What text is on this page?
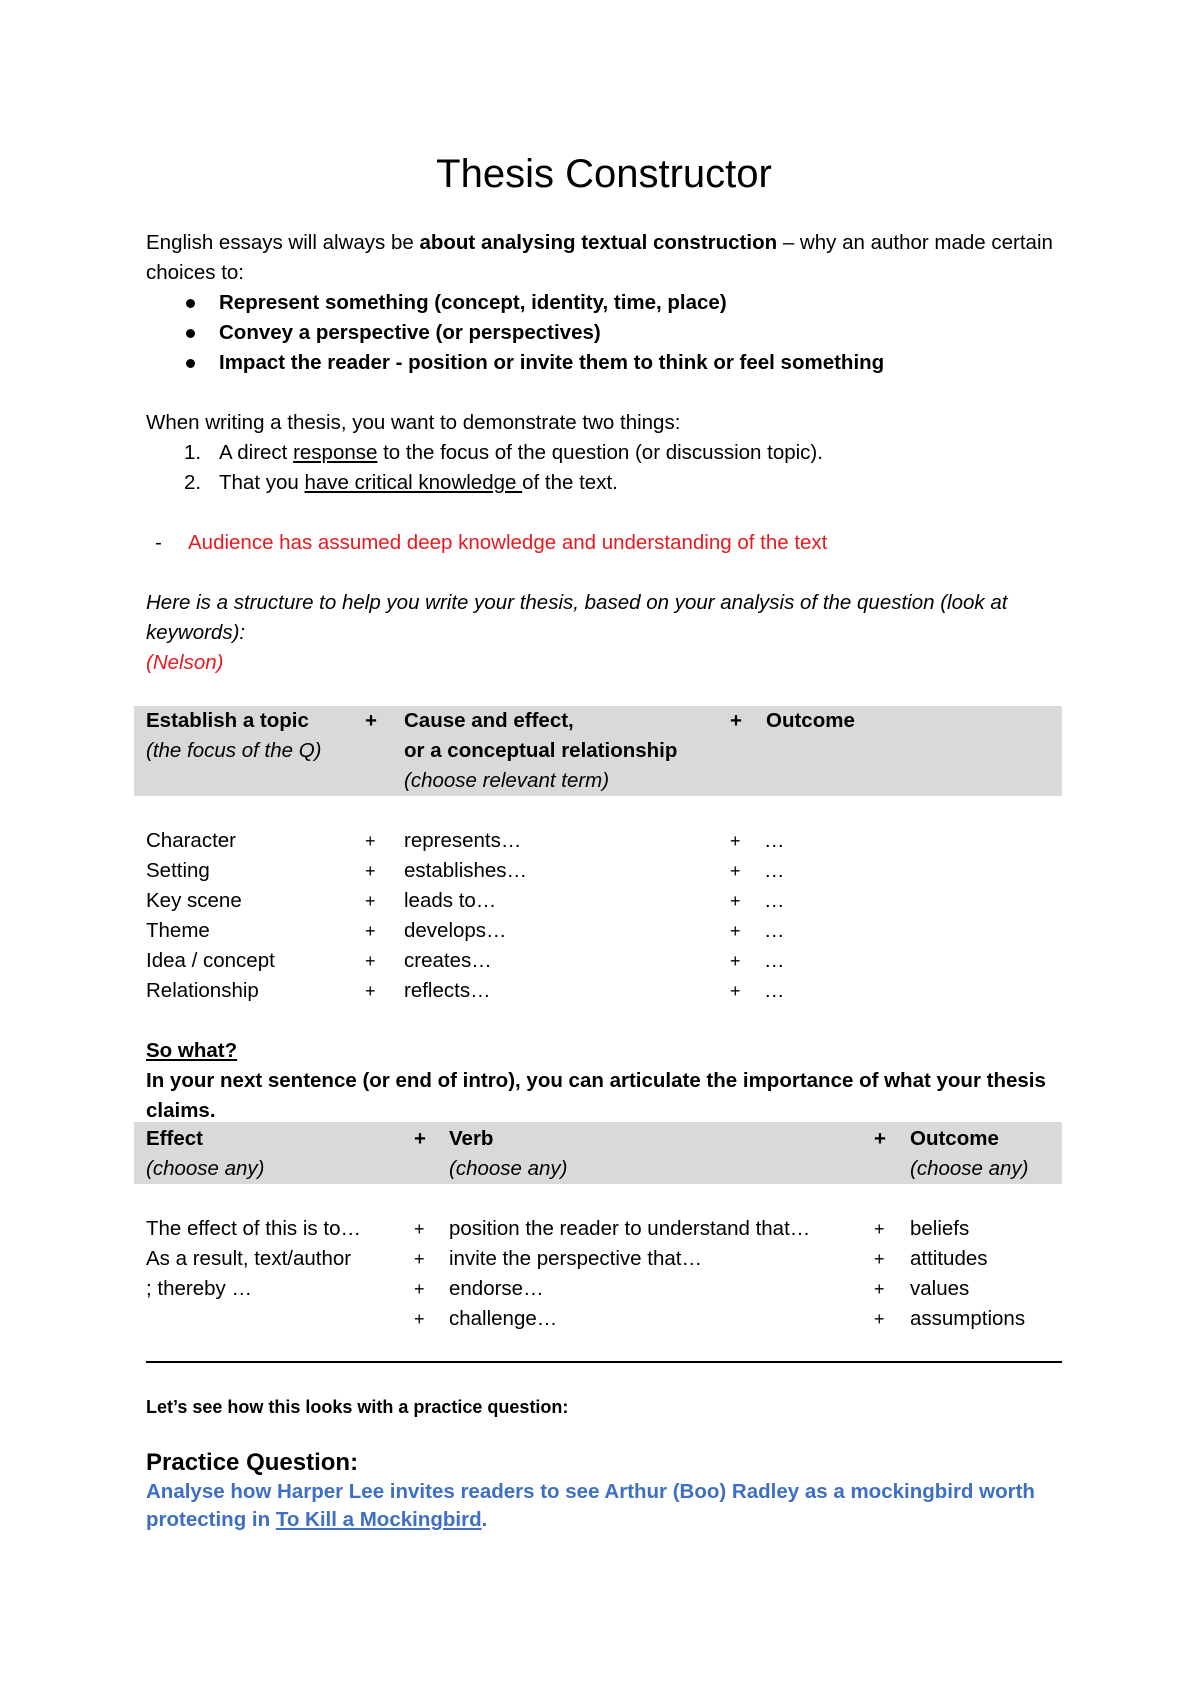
Thesis Constructor
English essays will always be about analysing textual construction – why an author made certain choices to:
Represent something (concept, identity, time, place)
Convey a perspective (or perspectives)
Impact the reader - position or invite them to think or feel something
When writing a thesis, you want to demonstrate two things:
1. A direct response to the focus of the question (or discussion topic).
2. That you have critical knowledge of the text.
- Audience has assumed deep knowledge and understanding of the text
Here is a structure to help you write your thesis, based on your analysis of the question (look at keywords):
(Nelson)
Establish a topic
(the focus of the Q)
+ Cause and effect,
or a conceptual relationship
(choose relevant term)
+ Outcome
Character
Setting
Key scene
Theme
Idea / concept
Relationship
+
+
+
+
+
+
represents…
establishes…
leads to…
develops…
creates…
reflects…
+
+
+
+
+
+
…
…
…
…
…
…
So what?
In your next sentence (or end of intro), you can articulate the importance of what your thesis claims.
Effect
(choose any)
+ Verb
(choose any)
+ Outcome
(choose any)
The effect of this is to…
As a result, text/author
; thereby …
+
+
+
+
position the reader to understand that…
invite the perspective that…
endorse…
challenge…
+
+
+
+
beliefs
attitudes
values
assumptions
Let’s see how this looks with a practice question:
Practice Question:
Analyse how Harper Lee invites readers to see Arthur (Boo) Radley as a mockingbird worth protecting in To Kill a Mockingbird.
